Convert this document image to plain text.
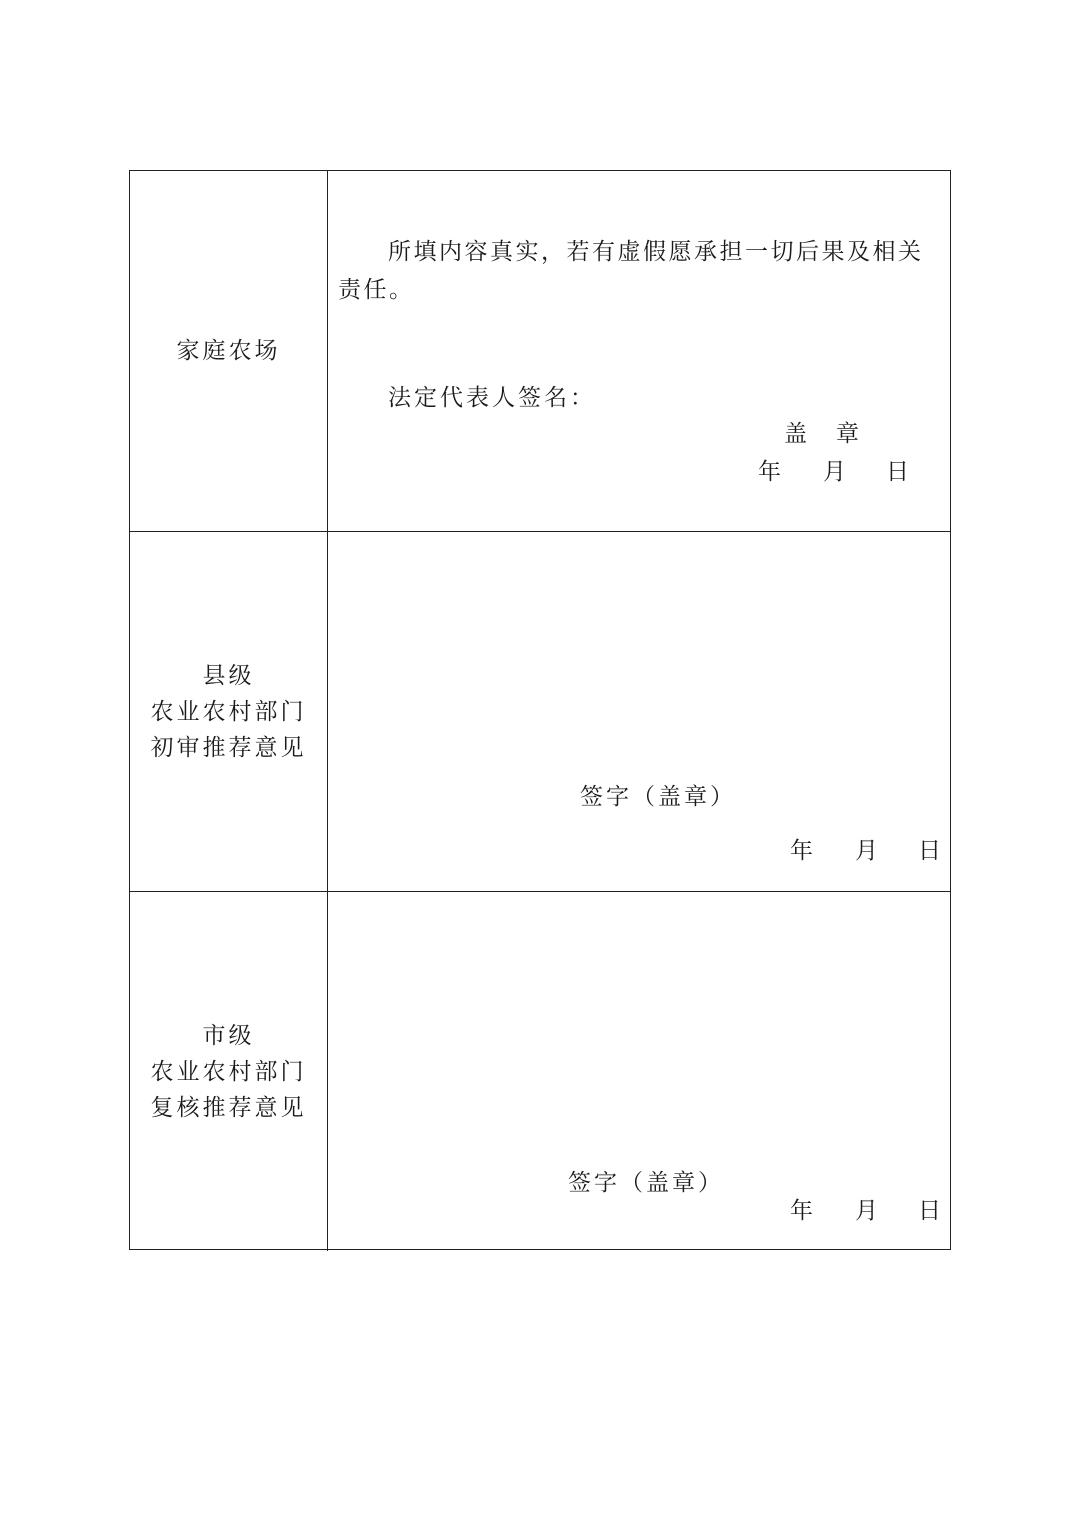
家庭农场
所填内容真实，若有虚假愿承担一切后果及相关责任。
法定代表人签名：
盖　章
年 月 日
县级
农业农村部门
初审推荐意见
签字（盖章）
年 月 日
市级
农业农村部门
复核推荐意见
签字（盖章）
年 月 日
